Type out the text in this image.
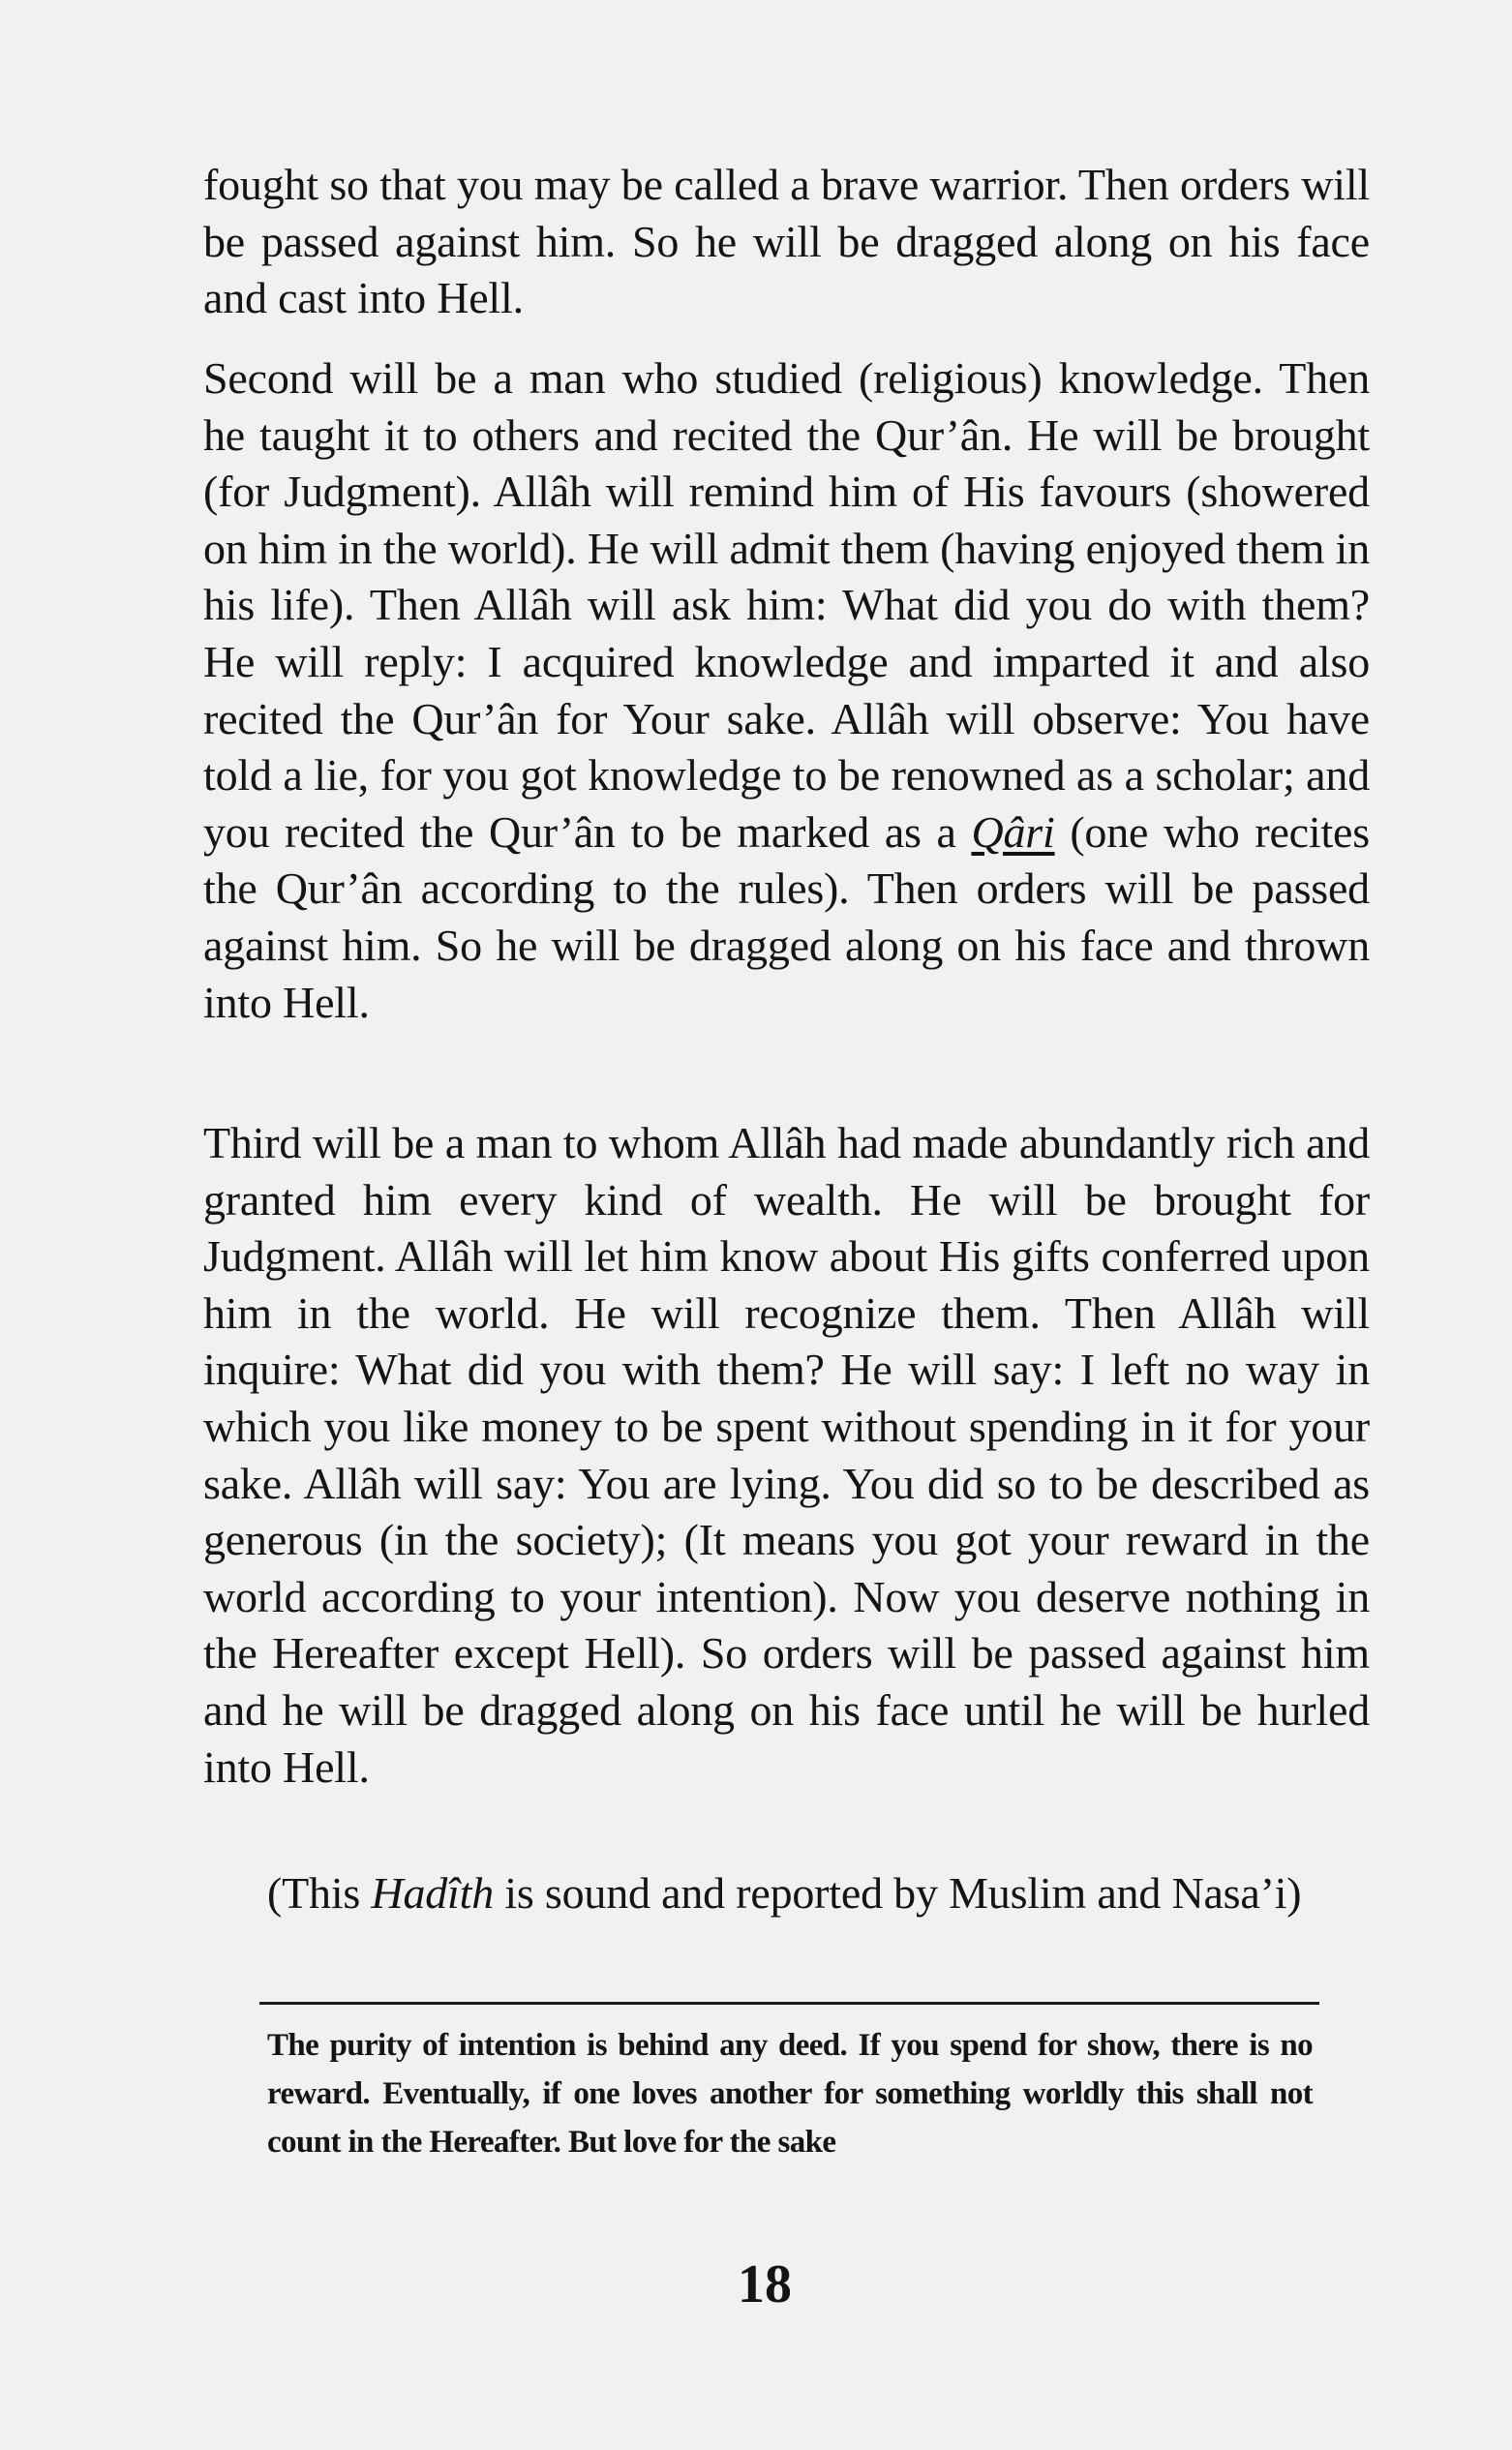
fought so that you may be called a brave warrior. Then orders will be passed against him. So he will be dragged along on his face and cast into Hell.

Second will be a man who studied (religious) knowledge. Then he taught it to others and recited the Qur’ân. He will be brought (for Judgment). Allâh will remind him of His favours (showered on him in the world). He will admit them (having enjoyed them in his life). Then Allâh will ask him: What did you do with them? He will reply: I acquired knowledge and imparted it and also recited the Qur’ân for Your sake. Allâh will observe: You have told a lie, for you got knowledge to be renowned as a scholar; and you recited the Qur’ân to be marked as a Qâri (one who recites the Qur’ân according to the rules). Then orders will be passed against him. So he will be dragged along on his face and thrown into Hell.

Third will be a man to whom Allâh had made abundantly rich and granted him every kind of wealth. He will be brought for Judgment. Allâh will let him know about His gifts conferred upon him in the world. He will recognize them. Then Allâh will inquire: What did you with them? He will say: I left no way in which you like money to be spent without spending in it for your sake. Allâh will say: You are lying. You did so to be described as generous (in the society); (It means you got your reward in the world according to your intention). Now you deserve nothing in the Hereafter except Hell). So orders will be passed against him and he will be dragged along on his face until he will be hurled into Hell.

(This Hadîth is sound and reported by Muslim and Nasa’i)

The purity of intention is behind any deed. If you spend for show, there is no reward. Eventually, if one loves another for something worldly this shall not count in the Hereafter. But love for the sake
18
